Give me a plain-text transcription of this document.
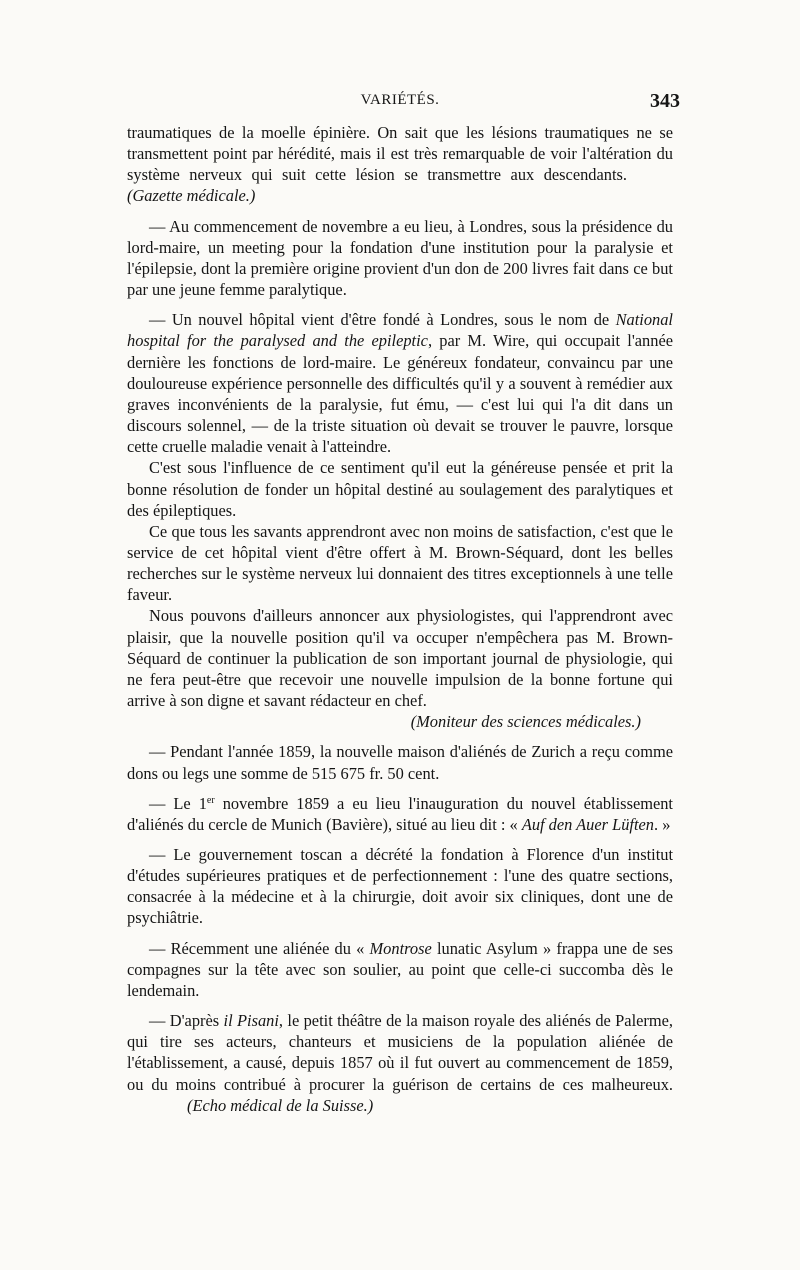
VARIÉTÉS.	343

traumatiques de la moelle épinière. On sait que les lésions traumatiques ne se transmettent point par hérédité, mais il est très remarquable de voir l'altération du système nerveux qui suit cette lésion se transmettre aux descendants.(Gazette médicale.)

— Au commencement de novembre a eu lieu, à Londres, sous la présidence du lord-maire, un meeting pour la fondation d'une institution pour la paralysie et l'épilepsie, dont la première origine provient d'un don de 200 livres fait dans ce but par une jeune femme paralytique.

— Un nouvel hôpital vient d'être fondé à Londres, sous le nom de National hospital for the paralysed and the epileptic, par M. Wire, qui occupait l'année dernière les fonctions de lord-maire. Le généreux fondateur, convaincu par une douloureuse expérience personnelle des difficultés qu'il y a souvent à remédier aux graves inconvénients de la paralysie, fut ému, — c'est lui qui l'a dit dans un discours solennel, — de la triste situation où devait se trouver le pauvre, lorsque cette cruelle maladie venait à l'atteindre.

C'est sous l'influence de ce sentiment qu'il eut la généreuse pensée et prit la bonne résolution de fonder un hôpital destiné au soulagement des paralytiques et des épileptiques.

Ce que tous les savants apprendront avec non moins de satisfaction, c'est que le service de cet hôpital vient d'être offert à M. Brown-Séquard, dont les belles recherches sur le système nerveux lui donnaient des titres exceptionnels à une telle faveur.

Nous pouvons d'ailleurs annoncer aux physiologistes, qui l'apprendront avec plaisir, que la nouvelle position qu'il va occuper n'empêchera pas M. Brown-Séquard de continuer la publication de son important journal de physiologie, qui ne fera peut-être que recevoir une nouvelle impulsion de la bonne fortune qui arrive à son digne et savant rédacteur en chef.

(Moniteur des sciences médicales.)

— Pendant l'année 1859, la nouvelle maison d'aliénés de Zurich a reçu comme dons ou legs une somme de 515 675 fr. 50 cent.

— Le 1er novembre 1859 a eu lieu l'inauguration du nouvel établissement d'aliénés du cercle de Munich (Bavière), situé au lieu dit : « Auf den Auer Lüften. »

— Le gouvernement toscan a décrété la fondation à Florence d'un institut d'études supérieures pratiques et de perfectionnement : l'une des quatre sections, consacrée à la médecine et à la chirurgie, doit avoir six cliniques, dont une de psychiâtrie.

— Récemment une aliénée du « Montrose lunatic Asylum » frappa une de ses compagnes sur la tête avec son soulier, au point que celle-ci succomba dès le lendemain.

— D'après il Pisani, le petit théâtre de la maison royale des aliénés de Palerme, qui tire ses acteurs, chanteurs et musiciens de la population aliénée de l'établissement, a causé, depuis 1857 où il fut ouvert au commencement de 1859, ou du moins contribué à procurer la guérison de certains de ces malheureux.(Echo médical de la Suisse.)
